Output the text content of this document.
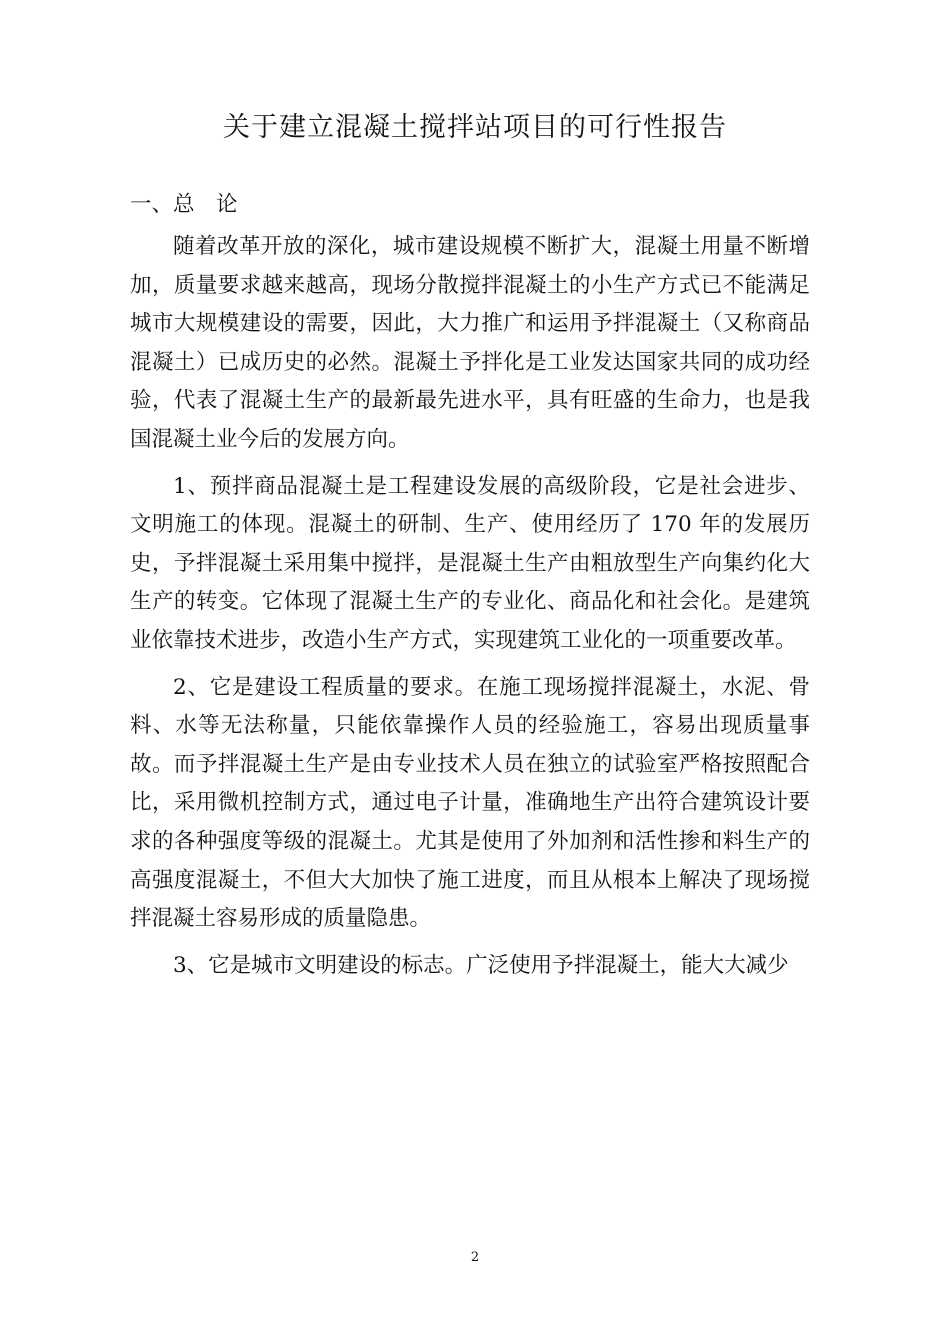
关于建立混凝土搅拌站项目的可行性报告

一、总　论

随着改革开放的深化，城市建设规模不断扩大，混凝土用量不断增加，质量要求越来越高，现场分散搅拌混凝土的小生产方式已不能满足城市大规模建设的需要，因此，大力推广和运用予拌混凝土（又称商品混凝土）已成历史的必然。混凝土予拌化是工业发达国家共同的成功经验，代表了混凝土生产的最新最先进水平，具有旺盛的生命力，也是我国混凝土业今后的发展方向。

1、预拌商品混凝土是工程建设发展的高级阶段，它是社会进步、文明施工的体现。混凝土的研制、生产、使用经历了 170 年的发展历史，予拌混凝土采用集中搅拌，是混凝土生产由粗放型生产向集约化大生产的转变。它体现了混凝土生产的专业化、商品化和社会化。是建筑业依靠技术进步，改造小生产方式，实现建筑工业化的一项重要改革。

2、它是建设工程质量的要求。在施工现场搅拌混凝土，水泥、骨料、水等无法称量，只能依靠操作人员的经验施工，容易出现质量事故。而予拌混凝土生产是由专业技术人员在独立的试验室严格按照配合比，采用微机控制方式，通过电子计量，准确地生产出符合建筑设计要求的各种强度等级的混凝土。尤其是使用了外加剂和活性掺和料生产的高强度混凝土，不但大大加快了施工进度，而且从根本上解决了现场搅拌混凝土容易形成的质量隐患。

3、它是城市文明建设的标志。广泛使用予拌混凝土，能大大减少

2
